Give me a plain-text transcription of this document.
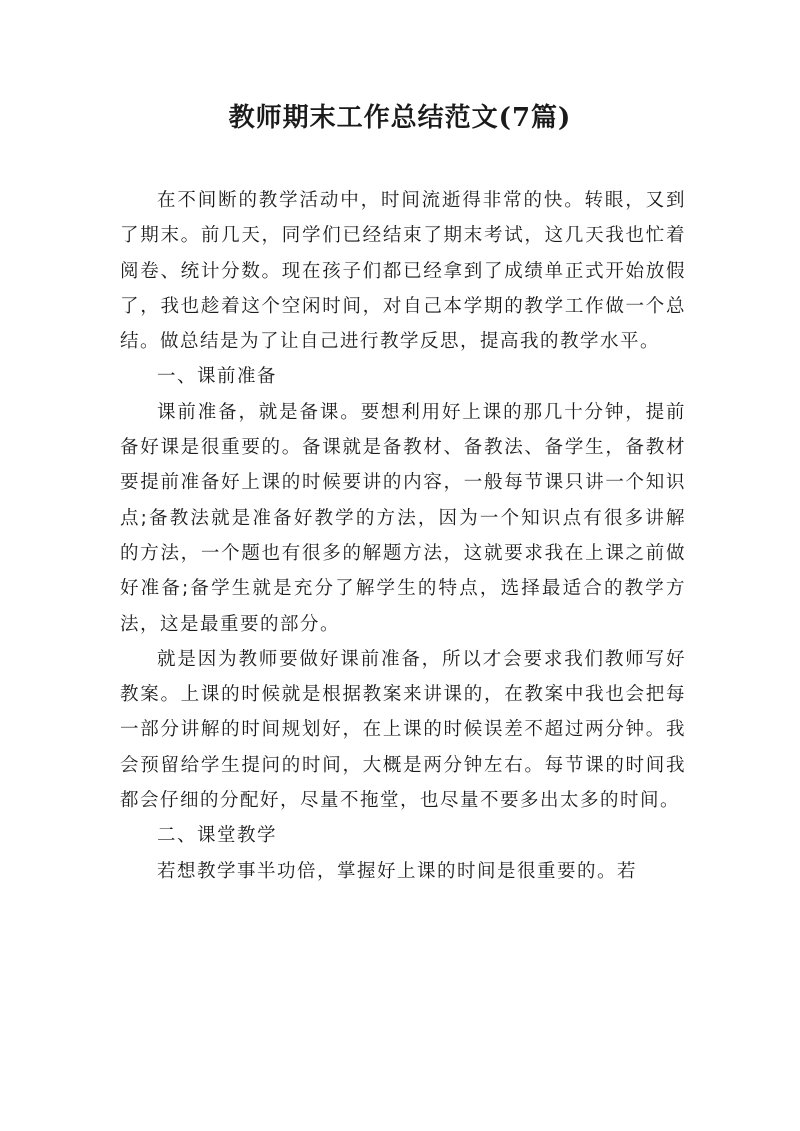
教师期末工作总结范文(7篇)

在不间断的教学活动中，时间流逝得非常的快。转眼，又到了期末。前几天，同学们已经结束了期末考试，这几天我也忙着阅卷、统计分数。现在孩子们都已经拿到了成绩单正式开始放假了，我也趁着这个空闲时间，对自己本学期的教学工作做一个总结。做总结是为了让自己进行教学反思，提高我的教学水平。

一、课前准备

课前准备，就是备课。要想利用好上课的那几十分钟，提前备好课是很重要的。备课就是备教材、备教法、备学生，备教材要提前准备好上课的时候要讲的内容，一般每节课只讲一个知识点;备教法就是准备好教学的方法，因为一个知识点有很多讲解的方法，一个题也有很多的解题方法，这就要求我在上课之前做好准备;备学生就是充分了解学生的特点，选择最适合的教学方法，这是最重要的部分。

就是因为教师要做好课前准备，所以才会要求我们教师写好教案。上课的时候就是根据教案来讲课的，在教案中我也会把每一部分讲解的时间规划好，在上课的时候误差不超过两分钟。我会预留给学生提问的时间，大概是两分钟左右。每节课的时间我都会仔细的分配好，尽量不拖堂，也尽量不要多出太多的时间。

二、课堂教学

若想教学事半功倍，掌握好上课的时间是很重要的。若
